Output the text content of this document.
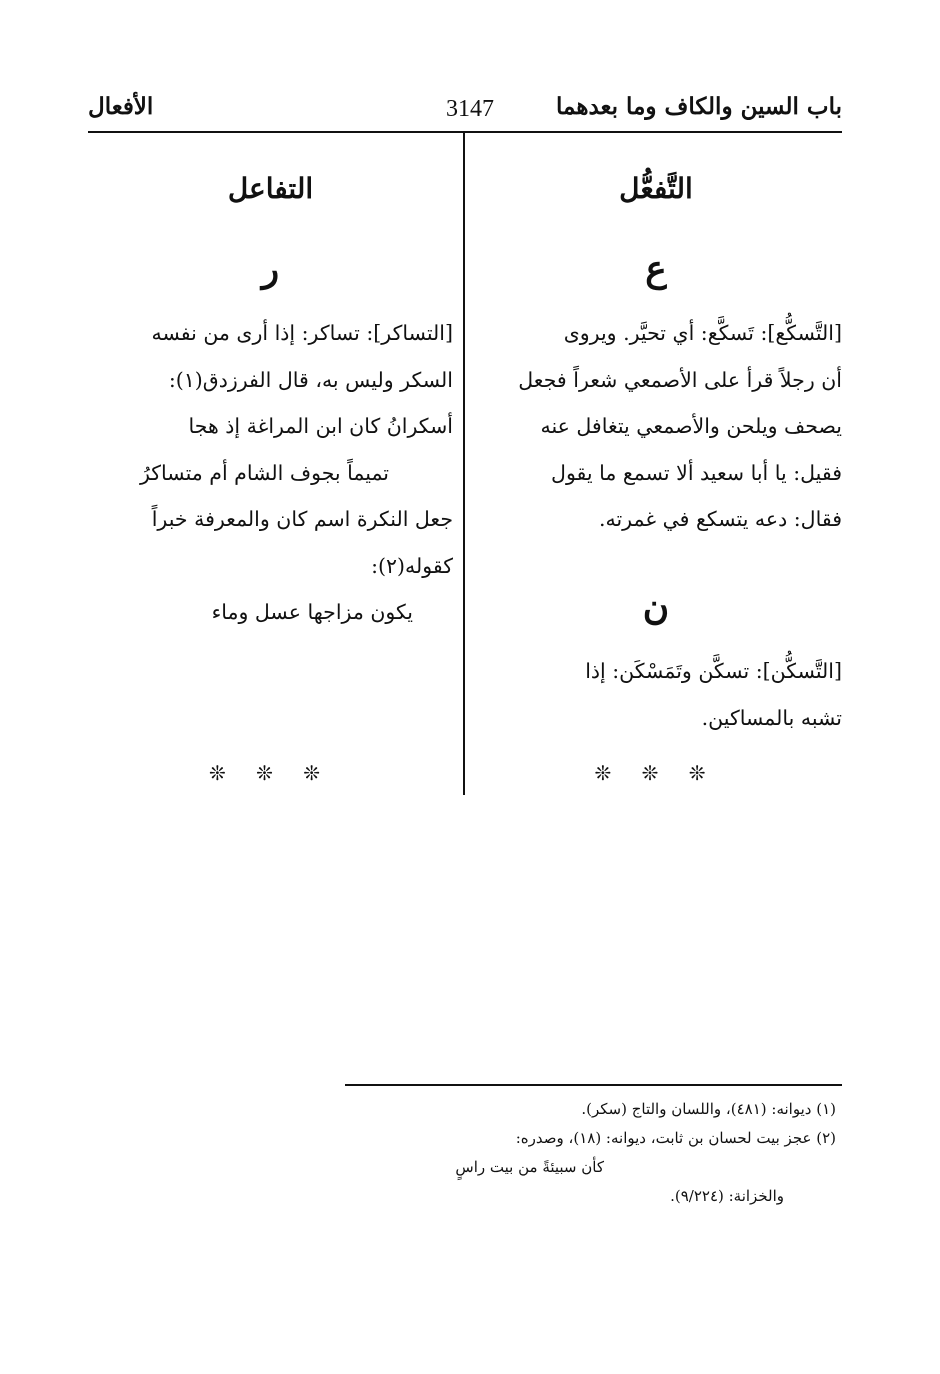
الأفعال	3147	باب السين والكاف وما بعدهما
التَّفعُّل
ع
[التَّسكُّع]: تَسكَّع: أي تحيَّر. ويروى
أن رجلاً قرأ على الأصمعي شعراً فجعل
يصحف ويلحن والأصمعي يتغافل عنه
فقيل: يا أبا سعيد ألا تسمع ما يقول
فقال: دعه يتسكع في غمرته.
ن
[التَّسكُّن]: تسكَّن وتَمَسْكَن: إذا
تشبه بالمساكين.
❊ ❊ ❊
التفاعل
ر
[التساكر]: تساكر: إذا أرى من نفسه
السكر وليس به، قال الفرزدق(١):
أسكرانُ كان ابن المراغة إذ هجا
تميماً بجوف الشام أم متساكرُ
جعل النكرة اسم كان والمعرفة خبراً
كقوله(٢):
يكون مزاجها عسل وماء
❊ ❊ ❊
(١) ديوانه: (٤٨١)، واللسان والتاج (سكر).
(٢) عجز بيت لحسان بن ثابت، ديوانه: (١٨)، وصدره:
كأن سبيئةً من بيت راسٍ
والخزانة: (٩/٢٢٤).
